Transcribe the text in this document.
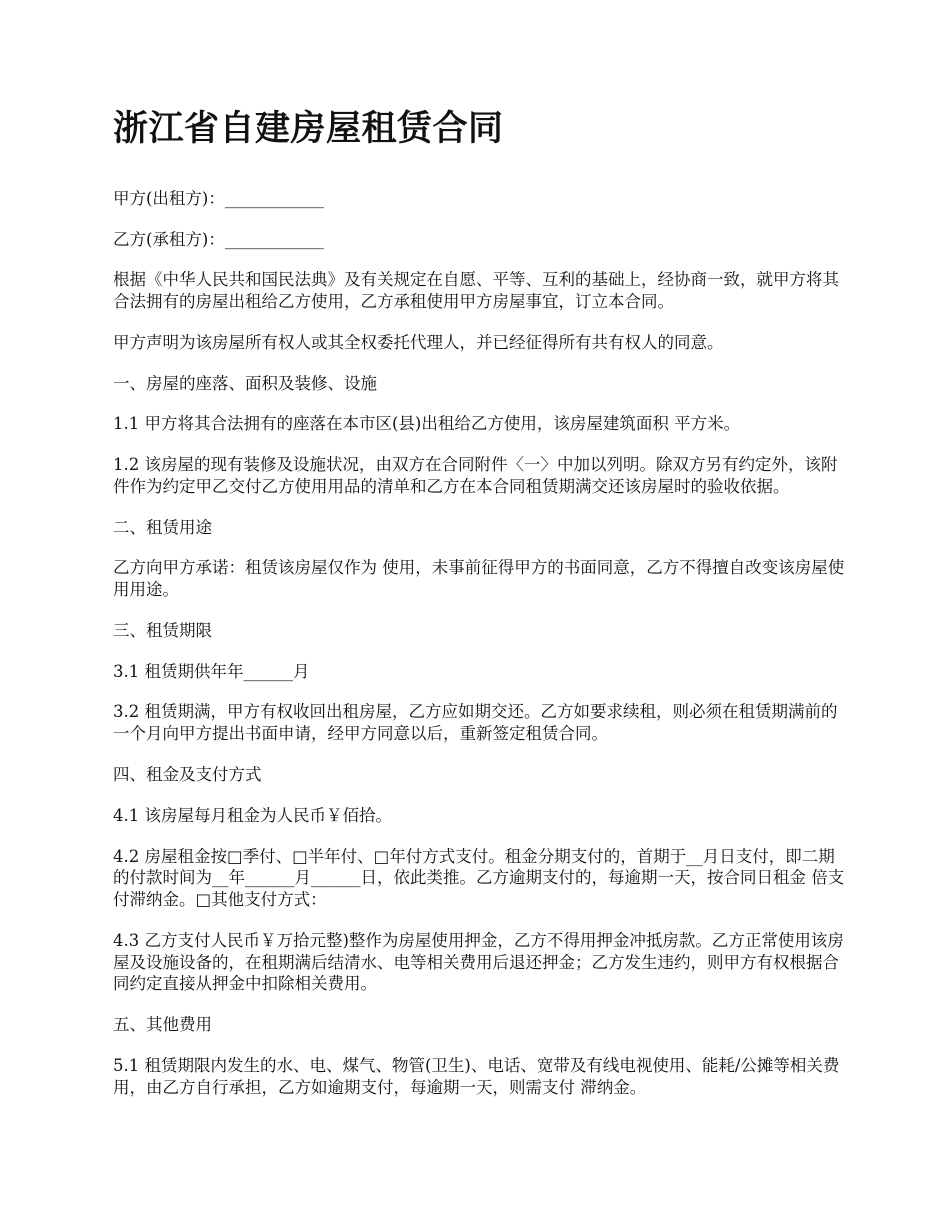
浙江省自建房屋租赁合同

甲方(出租方)：____________

乙方(承租方)：____________

根据《中华人民共和国民法典》及有关规定在自愿、平等、互利的基础上，经协商一致，就甲方将其合法拥有的房屋出租给乙方使用，乙方承租使用甲方房屋事宜，订立本合同。

甲方声明为该房屋所有权人或其全权委托代理人，并已经征得所有共有权人的同意。

一、房屋的座落、面积及装修、设施

1.1 甲方将其合法拥有的座落在本市区(县)出租给乙方使用，该房屋建筑面积 平方米。

1.2 该房屋的现有装修及设施状况，由双方在合同附件〈一〉中加以列明。除双方另有约定外，该附件作为约定甲乙交付乙方使用用品的清单和乙方在本合同租赁期满交还该房屋时的验收依据。

二、租赁用途

乙方向甲方承诺：租赁该房屋仅作为 使用，未事前征得甲方的书面同意，乙方不得擅自改变该房屋使用用途。

三、租赁期限

3.1 租赁期供年年______月

3.2 租赁期满，甲方有权收回出租房屋，乙方应如期交还。乙方如要求续租，则必须在租赁期满前的一个月向甲方提出书面申请，经甲方同意以后，重新签定租赁合同。

四、租金及支付方式

4.1 该房屋每月租金为人民币￥佰拾。

4.2 房屋租金按□季付、□半年付、□年付方式支付。租金分期支付的，首期于__月日支付，即二期的付款时间为__年______月______日，依此类推。乙方逾期支付的，每逾期一天，按合同日租金 倍支付滞纳金。□其他支付方式：

4.3 乙方支付人民币￥万拾元整)整作为房屋使用押金，乙方不得用押金冲抵房款。乙方正常使用该房屋及设施设备的，在租期满后结清水、电等相关费用后退还押金；乙方发生违约，则甲方有权根据合同约定直接从押金中扣除相关费用。

五、其他费用

5.1 租赁期限内发生的水、电、煤气、物管(卫生)、电话、宽带及有线电视使用、能耗/公摊等相关费用，由乙方自行承担，乙方如逾期支付，每逾期一天，则需支付 滞纳金。
